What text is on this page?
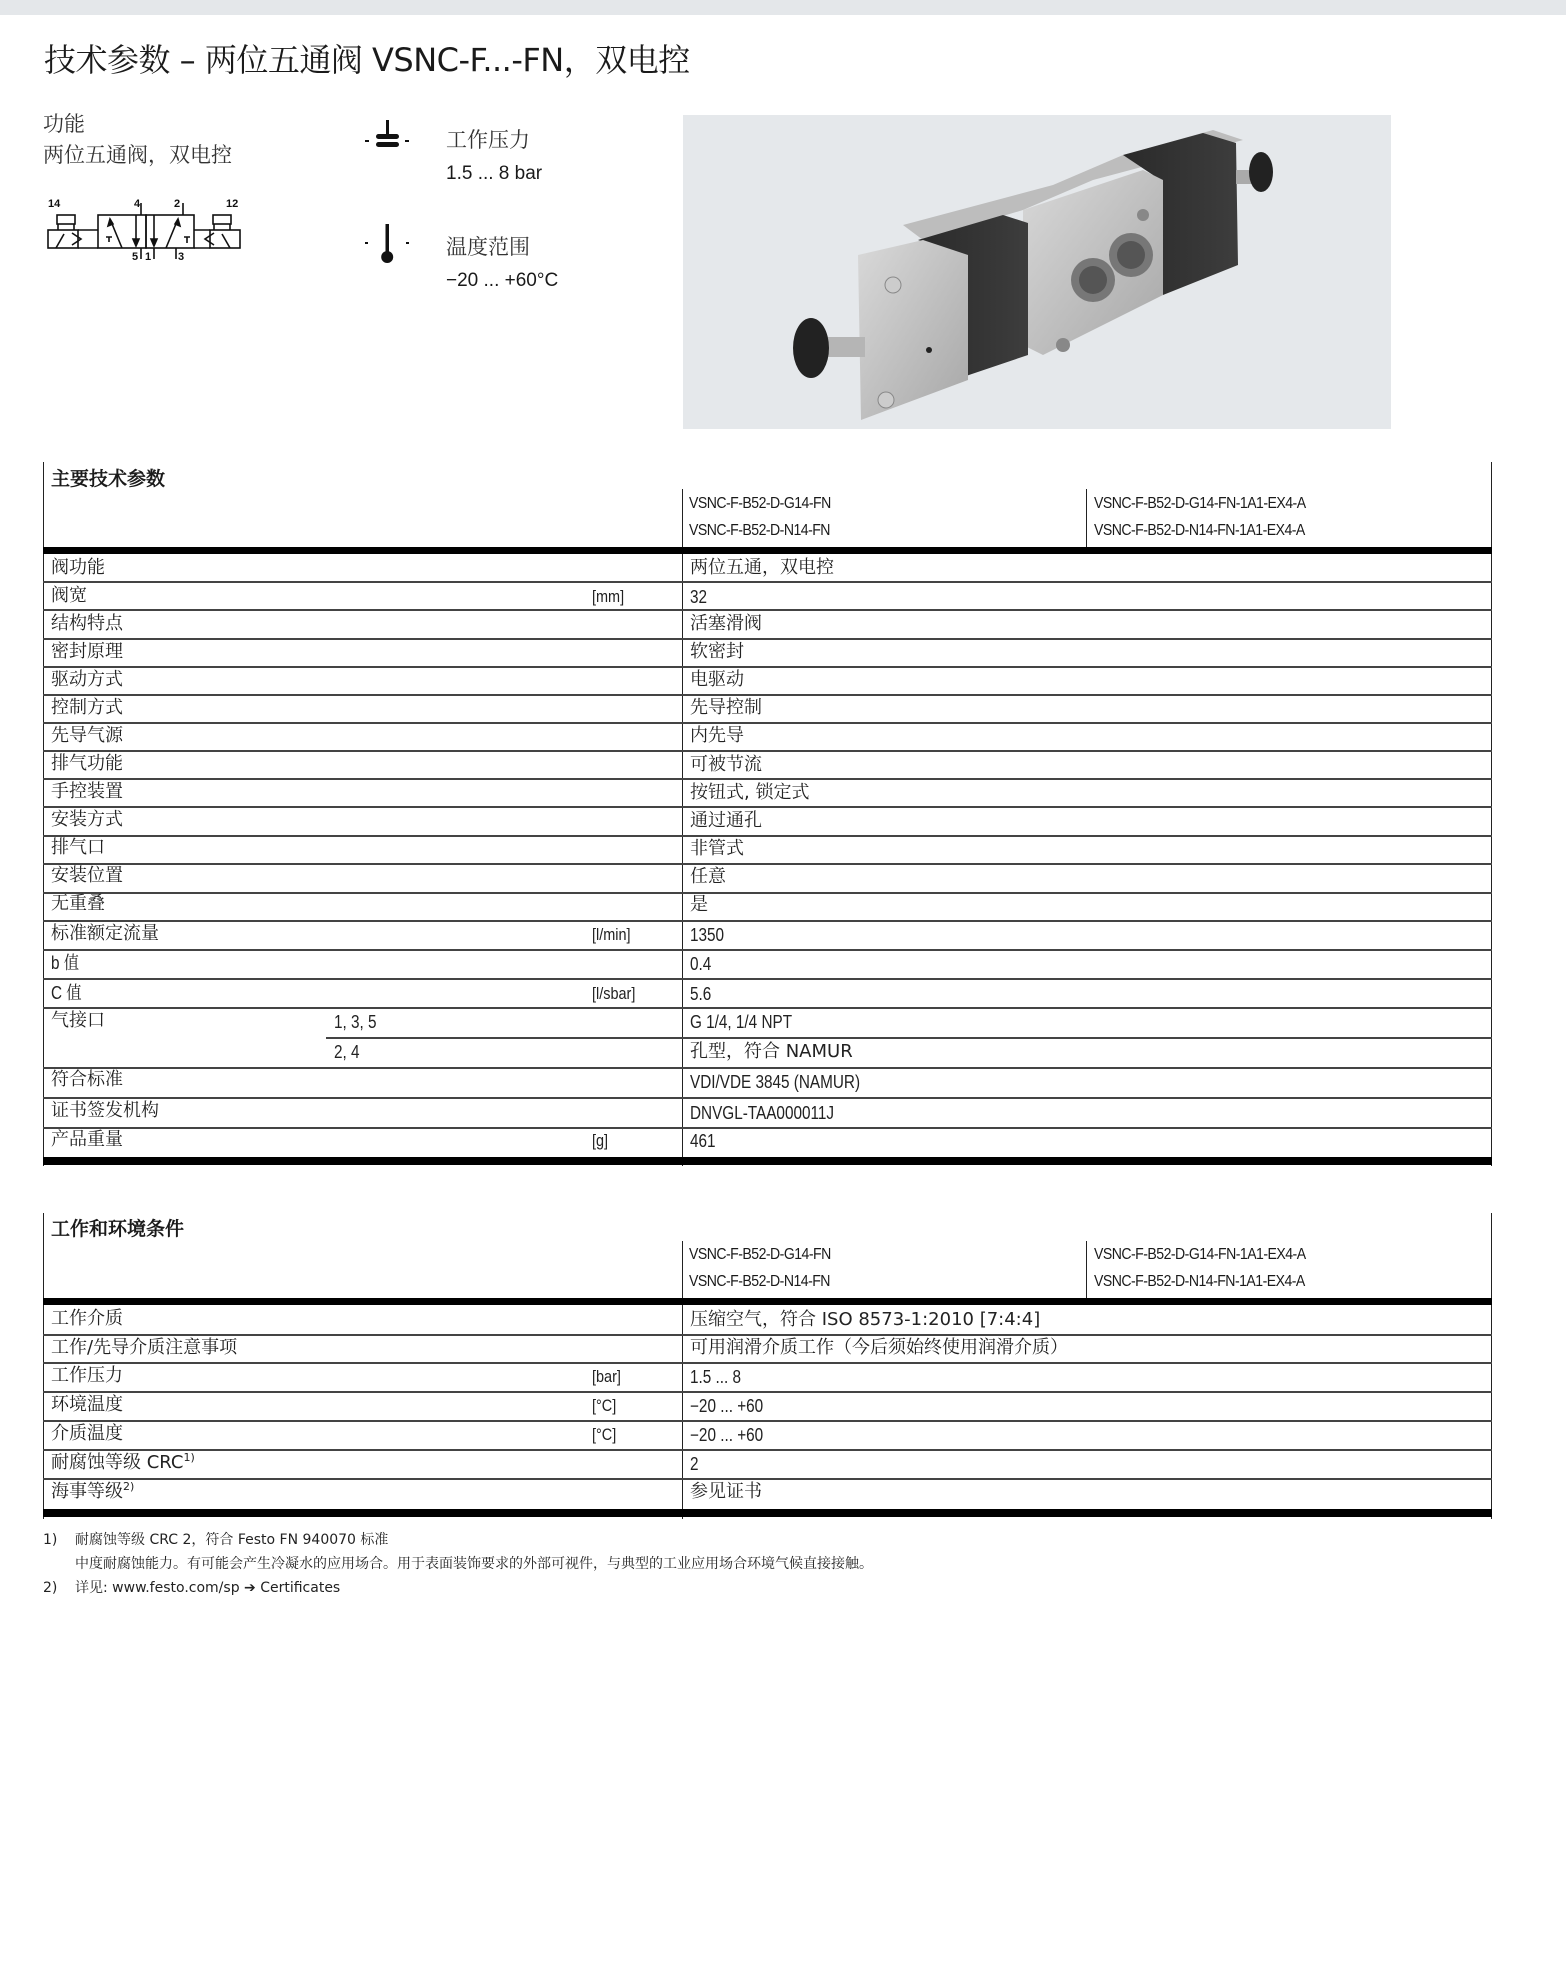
技术参数 – 两位五通阀 VSNC-F...-FN，双电控
功能
两位五通阀，双电控
14	4	2	12
5 1 3
工作压力
1.5 ... 8 bar
温度范围
−20 ... +60°C
主要技术参数
VSNC-F-B52-D-G14-FN
VSNC-F-B52-D-N14-FN
VSNC-F-B52-D-G14-FN-1A1-EX4-A
VSNC-F-B52-D-N14-FN-1A1-EX4-A
阀功能	两位五通，双电控
阀宽	[mm]	32
结构特点	活塞滑阀
密封原理	软密封
驱动方式	电驱动
控制方式	先导控制
先导气源	内先导
排气功能	可被节流
手控装置	按钮式, 锁定式
安装方式	通过通孔
排气口	非管式
安装位置	任意
无重叠	是
标准额定流量	[l/min]	1350
b 值	0.4
C 值	[l/sbar]	5.6
气接口	1, 3, 5	G 1/4, 1/4 NPT
2, 4	孔型，符合 NAMUR
符合标准	VDI/VDE 3845 (NAMUR)
证书签发机构	DNVGL-TAA000011J
产品重量	[g]	461
工作和环境条件
VSNC-F-B52-D-G14-FN
VSNC-F-B52-D-N14-FN
VSNC-F-B52-D-G14-FN-1A1-EX4-A
VSNC-F-B52-D-N14-FN-1A1-EX4-A
工作介质	压缩空气，符合 ISO 8573-1:2010 [7:4:4]
工作/先导介质注意事项	可用润滑介质工作（今后须始终使用润滑介质）
工作压力	[bar]	1.5 ... 8
环境温度	[°C]	−20 ... +60
介质温度	[°C]	−20 ... +60
耐腐蚀等级 CRC$^{1)}$	2
海事等级$^{2)}$	参见证书
1) 耐腐蚀等级 CRC 2，符合 Festo FN 940070 标准
中度耐腐蚀能力。有可能会产生冷凝水的应用场合。用于表面装饰要求的外部可视件，与典型的工业应用场合环境气候直接接触。
2) 详见: www.festo.com/sp ➔ Certificates
